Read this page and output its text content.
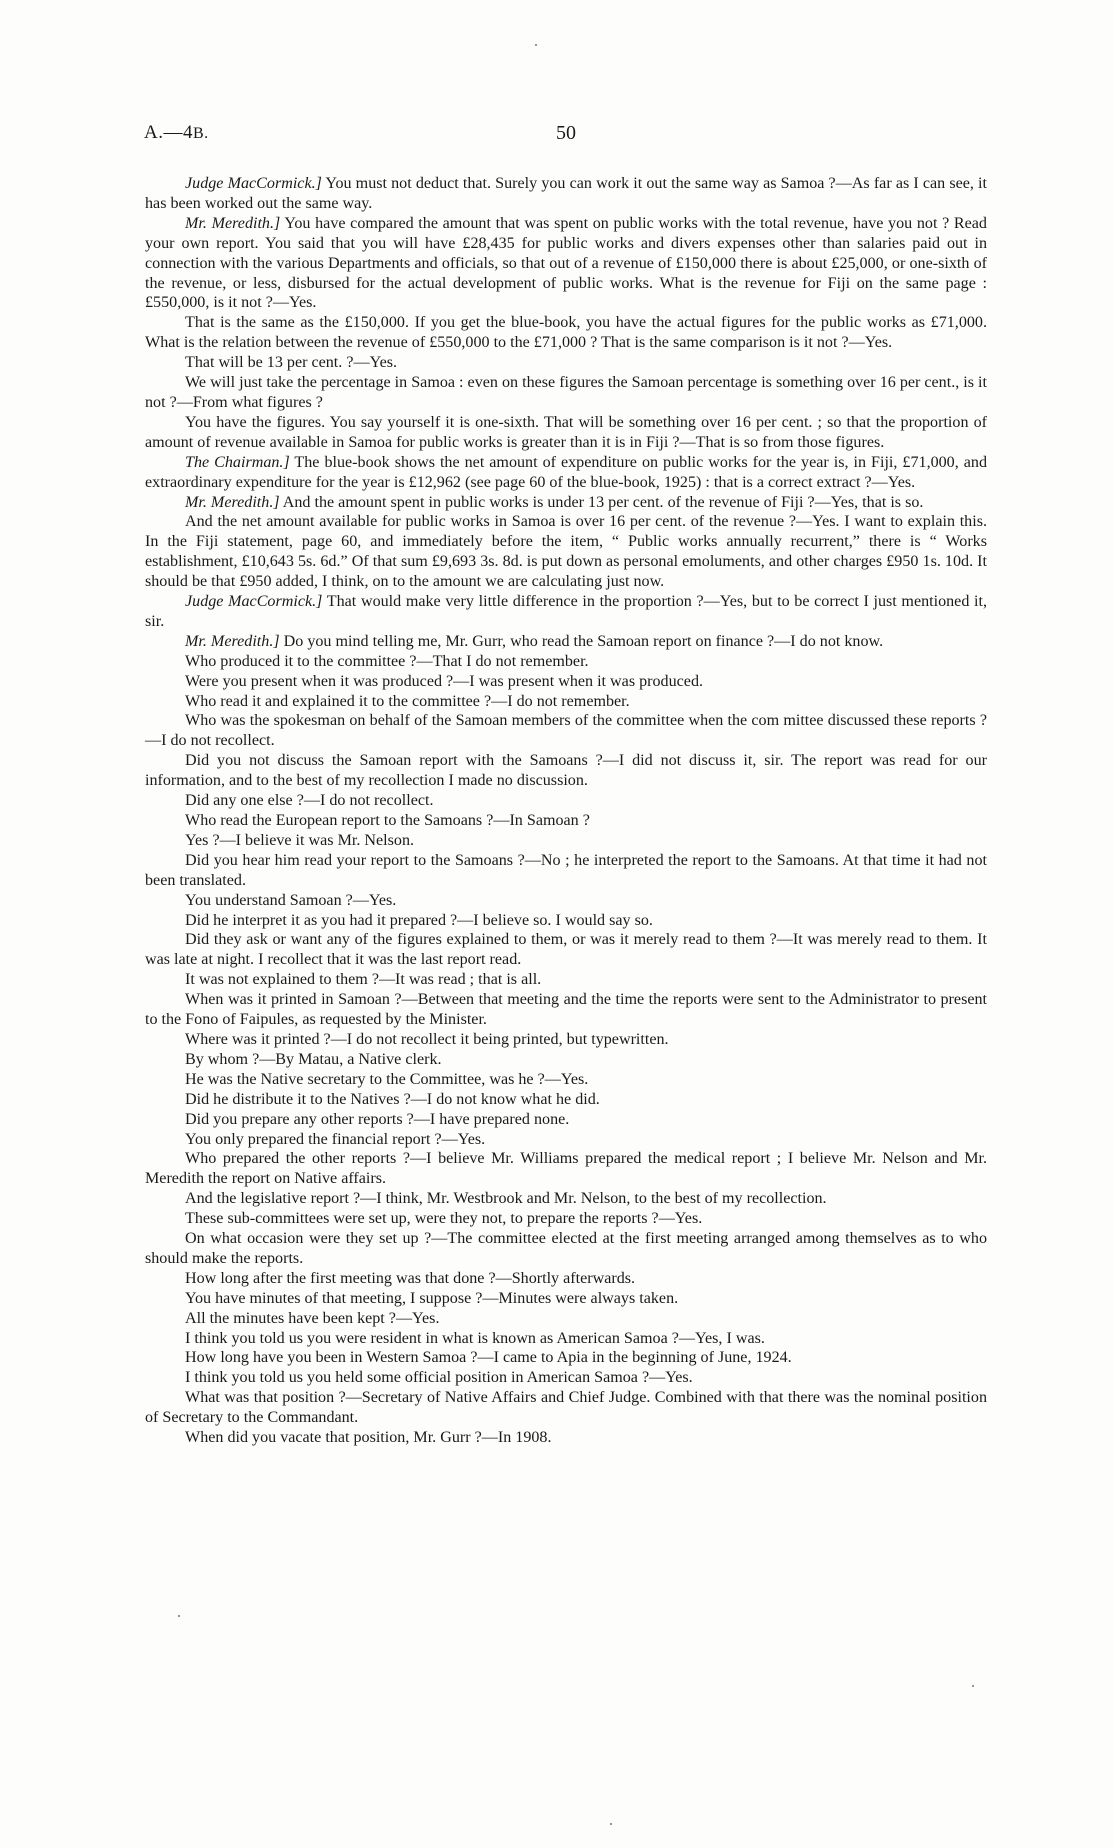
A.—4B.	50

Judge MacCormick.] You must not deduct that. Surely you can work it out the same way as Samoa ?—As far as I can see, it has been worked out the same way.

Mr. Meredith.] You have compared the amount that was spent on public works with the total revenue, have you not ? Read your own report. You said that you will have £28,435 for public works and divers expenses other than salaries paid out in connection with the various Departments and officials, so that out of a revenue of £150,000 there is about £25,000, or one-sixth of the revenue, or less, disbursed for the actual development of public works. What is the revenue for Fiji on the same page : £550,000, is it not ?—Yes.

That is the same as the £150,000. If you get the blue-book, you have the actual figures for the public works as £71,000. What is the relation between the revenue of £550,000 to the £71,000 ? That is the same comparison is it not ?—Yes.

That will be 13 per cent. ?—Yes.

We will just take the percentage in Samoa : even on these figures the Samoan percentage is something over 16 per cent., is it not ?—From what figures ?

You have the figures. You say yourself it is one-sixth. That will be something over 16 per cent. ; so that the proportion of amount of revenue available in Samoa for public works is greater than it is in Fiji ?—That is so from those figures.

The Chairman.] The blue-book shows the net amount of expenditure on public works for the year is, in Fiji, £71,000, and extraordinary expenditure for the year is £12,962 (see page 60 of the blue-book, 1925) : that is a correct extract ?—Yes.

Mr. Meredith.] And the amount spent in public works is under 13 per cent. of the revenue of Fiji ?—Yes, that is so.

And the net amount available for public works in Samoa is over 16 per cent. of the revenue ?—Yes. I want to explain this. In the Fiji statement, page 60, and immediately before the item, “ Public works annually recurrent,” there is “ Works establishment, £10,643 5s. 6d.” Of that sum £9,693 3s. 8d. is put down as personal emoluments, and other charges £950 1s. 10d. It should be that £950 added, I think, on to the amount we are calculating just now.

Judge MacCormick.] That would make very little difference in the proportion ?—Yes, but to be correct I just mentioned it, sir.

Mr. Meredith.] Do you mind telling me, Mr. Gurr, who read the Samoan report on finance ?—I do not know.

Who produced it to the committee ?—That I do not remember.

Were you present when it was produced ?—I was present when it was produced.

Who read it and explained it to the committee ?—I do not remember.

Who was the spokesman on behalf of the Samoan members of the committee when the com mittee discussed these reports ?—I do not recollect.

Did you not discuss the Samoan report with the Samoans ?—I did not discuss it, sir. The report was read for our information, and to the best of my recollection I made no discussion.

Did any one else ?—I do not recollect.

Who read the European report to the Samoans ?—In Samoan ?

Yes ?—I believe it was Mr. Nelson.

Did you hear him read your report to the Samoans ?—No ; he interpreted the report to the Samoans. At that time it had not been translated.

You understand Samoan ?—Yes.

Did he interpret it as you had it prepared ?—I believe so. I would say so.

Did they ask or want any of the figures explained to them, or was it merely read to them ?—It was merely read to them. It was late at night. I recollect that it was the last report read.

It was not explained to them ?—It was read ; that is all.

When was it printed in Samoan ?—Between that meeting and the time the reports were sent to the Administrator to present to the Fono of Faipules, as requested by the Minister.

Where was it printed ?—I do not recollect it being printed, but typewritten.

By whom ?—By Matau, a Native clerk.

He was the Native secretary to the Committee, was he ?—Yes.

Did he distribute it to the Natives ?—I do not know what he did.

Did you prepare any other reports ?—I have prepared none.

You only prepared the financial report ?—Yes.

Who prepared the other reports ?—I believe Mr. Williams prepared the medical report ; I believe Mr. Nelson and Mr. Meredith the report on Native affairs.

And the legislative report ?—I think, Mr. Westbrook and Mr. Nelson, to the best of my recollection.

These sub-committees were set up, were they not, to prepare the reports ?—Yes.

On what occasion were they set up ?—The committee elected at the first meeting arranged among themselves as to who should make the reports.

How long after the first meeting was that done ?—Shortly afterwards.

You have minutes of that meeting, I suppose ?—Minutes were always taken.

All the minutes have been kept ?—Yes.

I think you told us you were resident in what is known as American Samoa ?—Yes, I was.

How long have you been in Western Samoa ?—I came to Apia in the beginning of June, 1924.

I think you told us you held some official position in American Samoa ?—Yes.

What was that position ?—Secretary of Native Affairs and Chief Judge. Combined with that there was the nominal position of Secretary to the Commandant.

When did you vacate that position, Mr. Gurr ?—In 1908.
